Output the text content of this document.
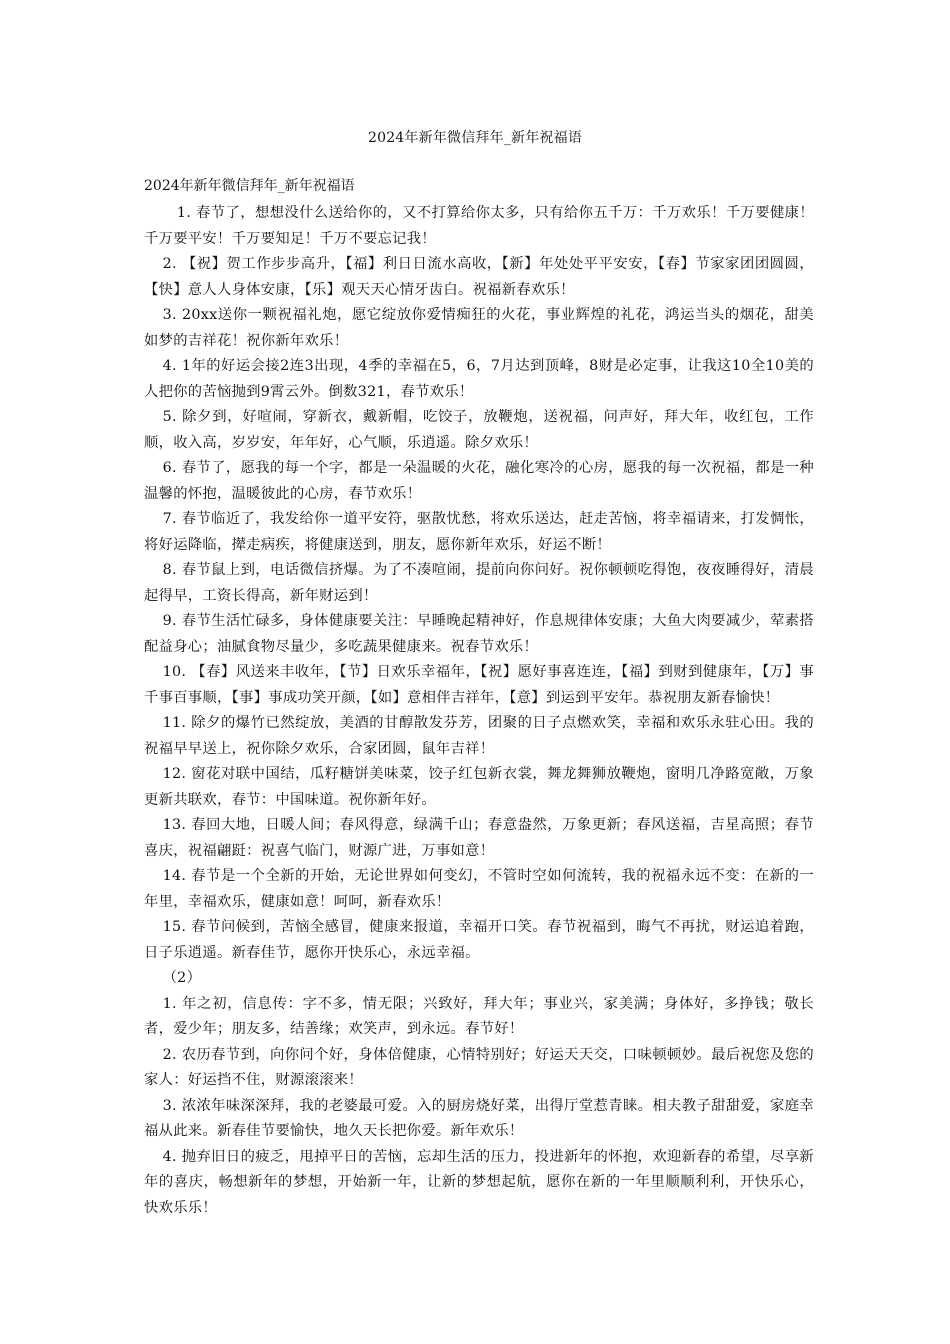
2024年新年微信拜年_新年祝福语
2024年新年微信拜年_新年祝福语

1. 春节了，想想没什么送给你的，又不打算给你太多，只有给你五千万：千万欢乐！千万要健康！千万要平安！千万要知足！千万不要忘记我！

2. 【祝】贺工作步步高升，【福】利日日流水高收，【新】年处处平平安安，【春】节家家团团圆圆，【快】意人人身体安康，【乐】观天天心情牙齿白。祝福新春欢乐！

3. 20xx送你一颗祝福礼炮，愿它绽放你爱情痴狂的火花，事业辉煌的礼花，鸿运当头的烟花，甜美如梦的吉祥花！祝你新年欢乐！

4. 1年的好运会接2连3出现，4季的幸福在5，6，7月达到顶峰，8财是必定事，让我这10全10美的人把你的苦恼抛到9霄云外。倒数321，春节欢乐！

5. 除夕到，好喧闹，穿新衣，戴新帽，吃饺子，放鞭炮，送祝福，问声好，拜大年，收红包，工作顺，收入高，岁岁安，年年好，心气顺，乐逍遥。除夕欢乐！

6. 春节了，愿我的每一个字，都是一朵温暖的火花，融化寒冷的心房，愿我的每一次祝福，都是一种温馨的怀抱，温暖彼此的心房，春节欢乐！

7. 春节临近了，我发给你一道平安符，驱散忧愁，将欢乐送达，赶走苦恼，将幸福请来，打发惆怅，将好运降临，撵走病疾，将健康送到，朋友，愿你新年欢乐，好运不断！

8. 春节鼠上到，电话微信挤爆。为了不凑喧闹，提前向你问好。祝你顿顿吃得饱，夜夜睡得好，清晨起得早，工资长得高，新年财运到！

9. 春节生活忙碌多，身体健康要关注：早睡晚起精神好，作息规律体安康；大鱼大肉要减少，荤素搭配益身心；油腻食物尽量少，多吃蔬果健康来。祝春节欢乐！

10. 【春】风送来丰收年，【节】日欢乐幸福年，【祝】愿好事喜连连，【福】到财到健康年，【万】事千事百事顺，【事】事成功笑开颜，【如】意相伴吉祥年，【意】到运到平安年。恭祝朋友新春愉快！

11. 除夕的爆竹已然绽放，美酒的甘醇散发芬芳，团聚的日子点燃欢笑，幸福和欢乐永驻心田。我的祝福早早送上，祝你除夕欢乐，合家团圆，鼠年吉祥！

12. 窗花对联中国结，瓜籽糖饼美味菜，饺子红包新衣裳，舞龙舞狮放鞭炮，窗明几净路宽敞，万象更新共联欢，春节：中国味道。祝你新年好。

13. 春回大地，日暖人间；春风得意，绿满千山；春意盎然，万象更新；春风送福，吉星高照；春节喜庆，祝福翩跹：祝喜气临门，财源广进，万事如意！

14. 春节是一个全新的开始，无论世界如何变幻，不管时空如何流转，我的祝福永远不变：在新的一年里，幸福欢乐，健康如意！呵呵，新春欢乐！

15. 春节问候到，苦恼全感冒，健康来报道，幸福开口笑。春节祝福到，晦气不再扰，财运追着跑，日子乐逍遥。新春佳节，愿你开快乐心，永远幸福。

（2）

1. 年之初，信息传：字不多，情无限；兴致好，拜大年；事业兴，家美满；身体好，多挣钱；敬长者，爱少年；朋友多，结善缘；欢笑声，到永远。春节好！

2. 农历春节到，向你问个好，身体倍健康，心情特别好；好运天天交，口味顿顿妙。最后祝您及您的家人：好运挡不住，财源滚滚来！

3. 浓浓年味深深拜，我的老婆最可爱。入的厨房烧好菜，出得厅堂惹青睐。相夫教子甜甜爱，家庭幸福从此来。新春佳节要愉快，地久天长把你爱。新年欢乐！

4. 抛弃旧日的疲乏，甩掉平日的苦恼，忘却生活的压力，投进新年的怀抱，欢迎新春的希望，尽享新年的喜庆，畅想新年的梦想，开始新一年，让新的梦想起航，愿你在新的一年里顺顺利利，开快乐心，快欢乐乐！
